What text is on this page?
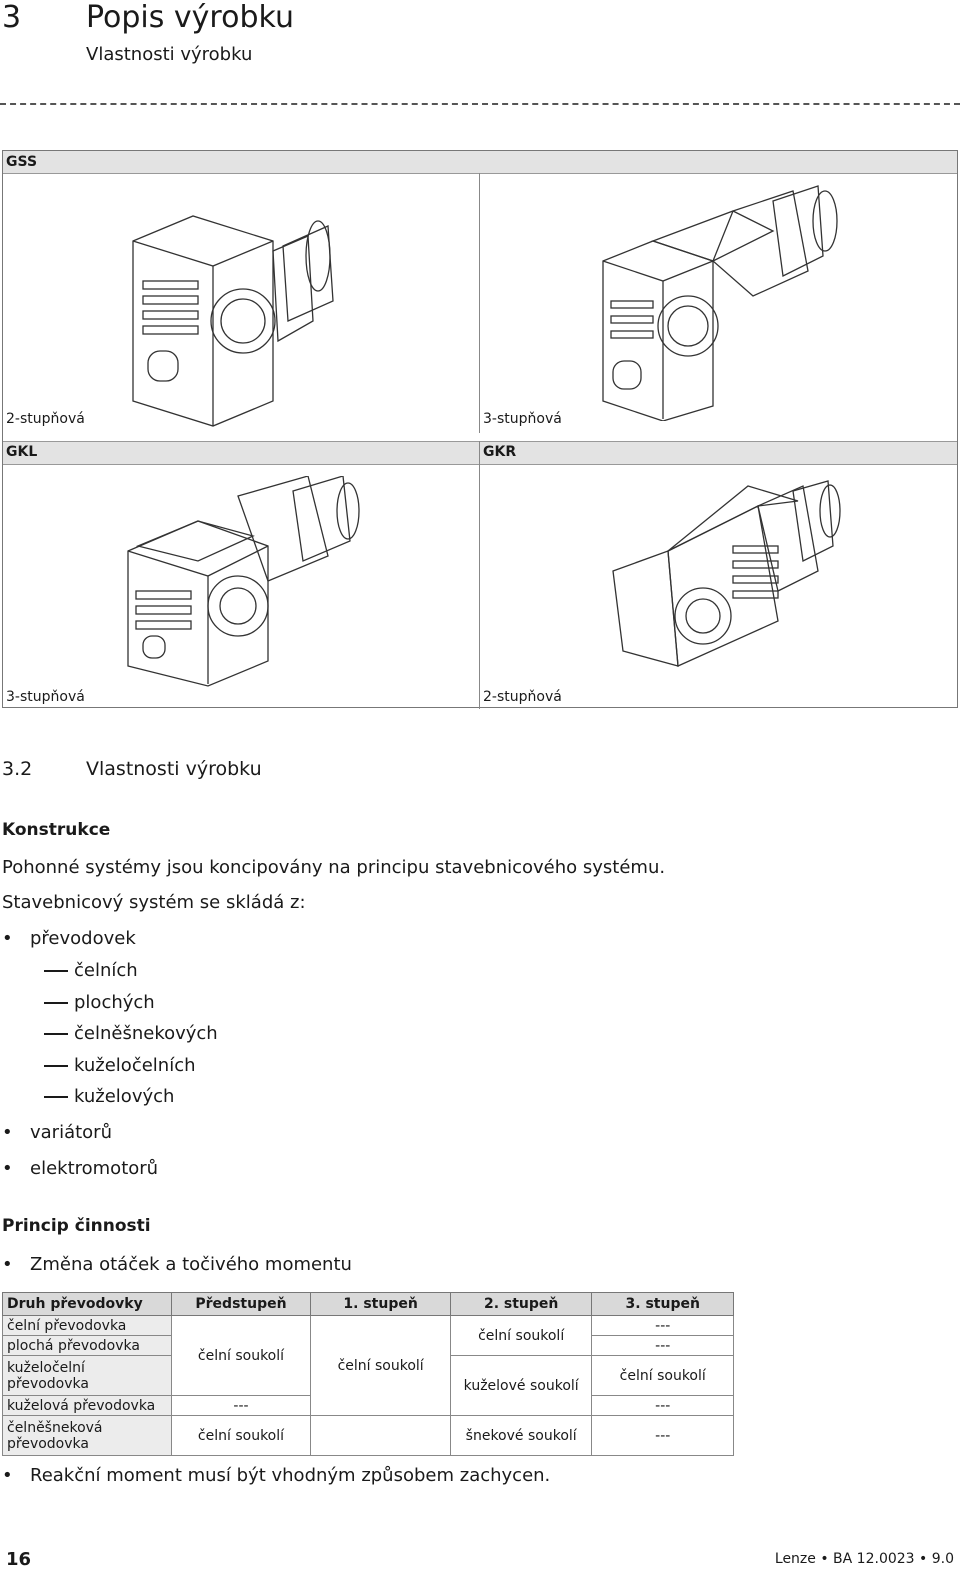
3 Popis výrobku
Vlastnosti výrobku
GSS
2-stupňová	3-stupňová
GKL	GKR
3-stupňová	2-stupňová
3.2	Vlastnosti výrobku
Konstrukce
Pohonné systémy jsou koncipovány na principu stavebnicového systému.
Stavebnicový systém se skládá z:
• převodovek
čelních
plochých
čelněšnekových
kuželočelních
kuželových
• variátorů
• elektromotorů
Princip činnosti
• Změna otáček a točivého momentu
Druh převodovky	Předstupeň	1. stupeň	2. stupeň	3. stupeň
čelní převodovka	čelní soukolí	čelní soukolí	čelní soukolí	---
plochá převodovka				---
kuželočelní převodovka			kuželové soukolí	čelní soukolí
kuželová převodovka	---			---
čelněšneková převodovka	čelní soukolí		šnekové soukolí	---
• Reakční moment musí být vhodným způsobem zachycen.
16	Lenze • BA 12.0023 • 9.0
